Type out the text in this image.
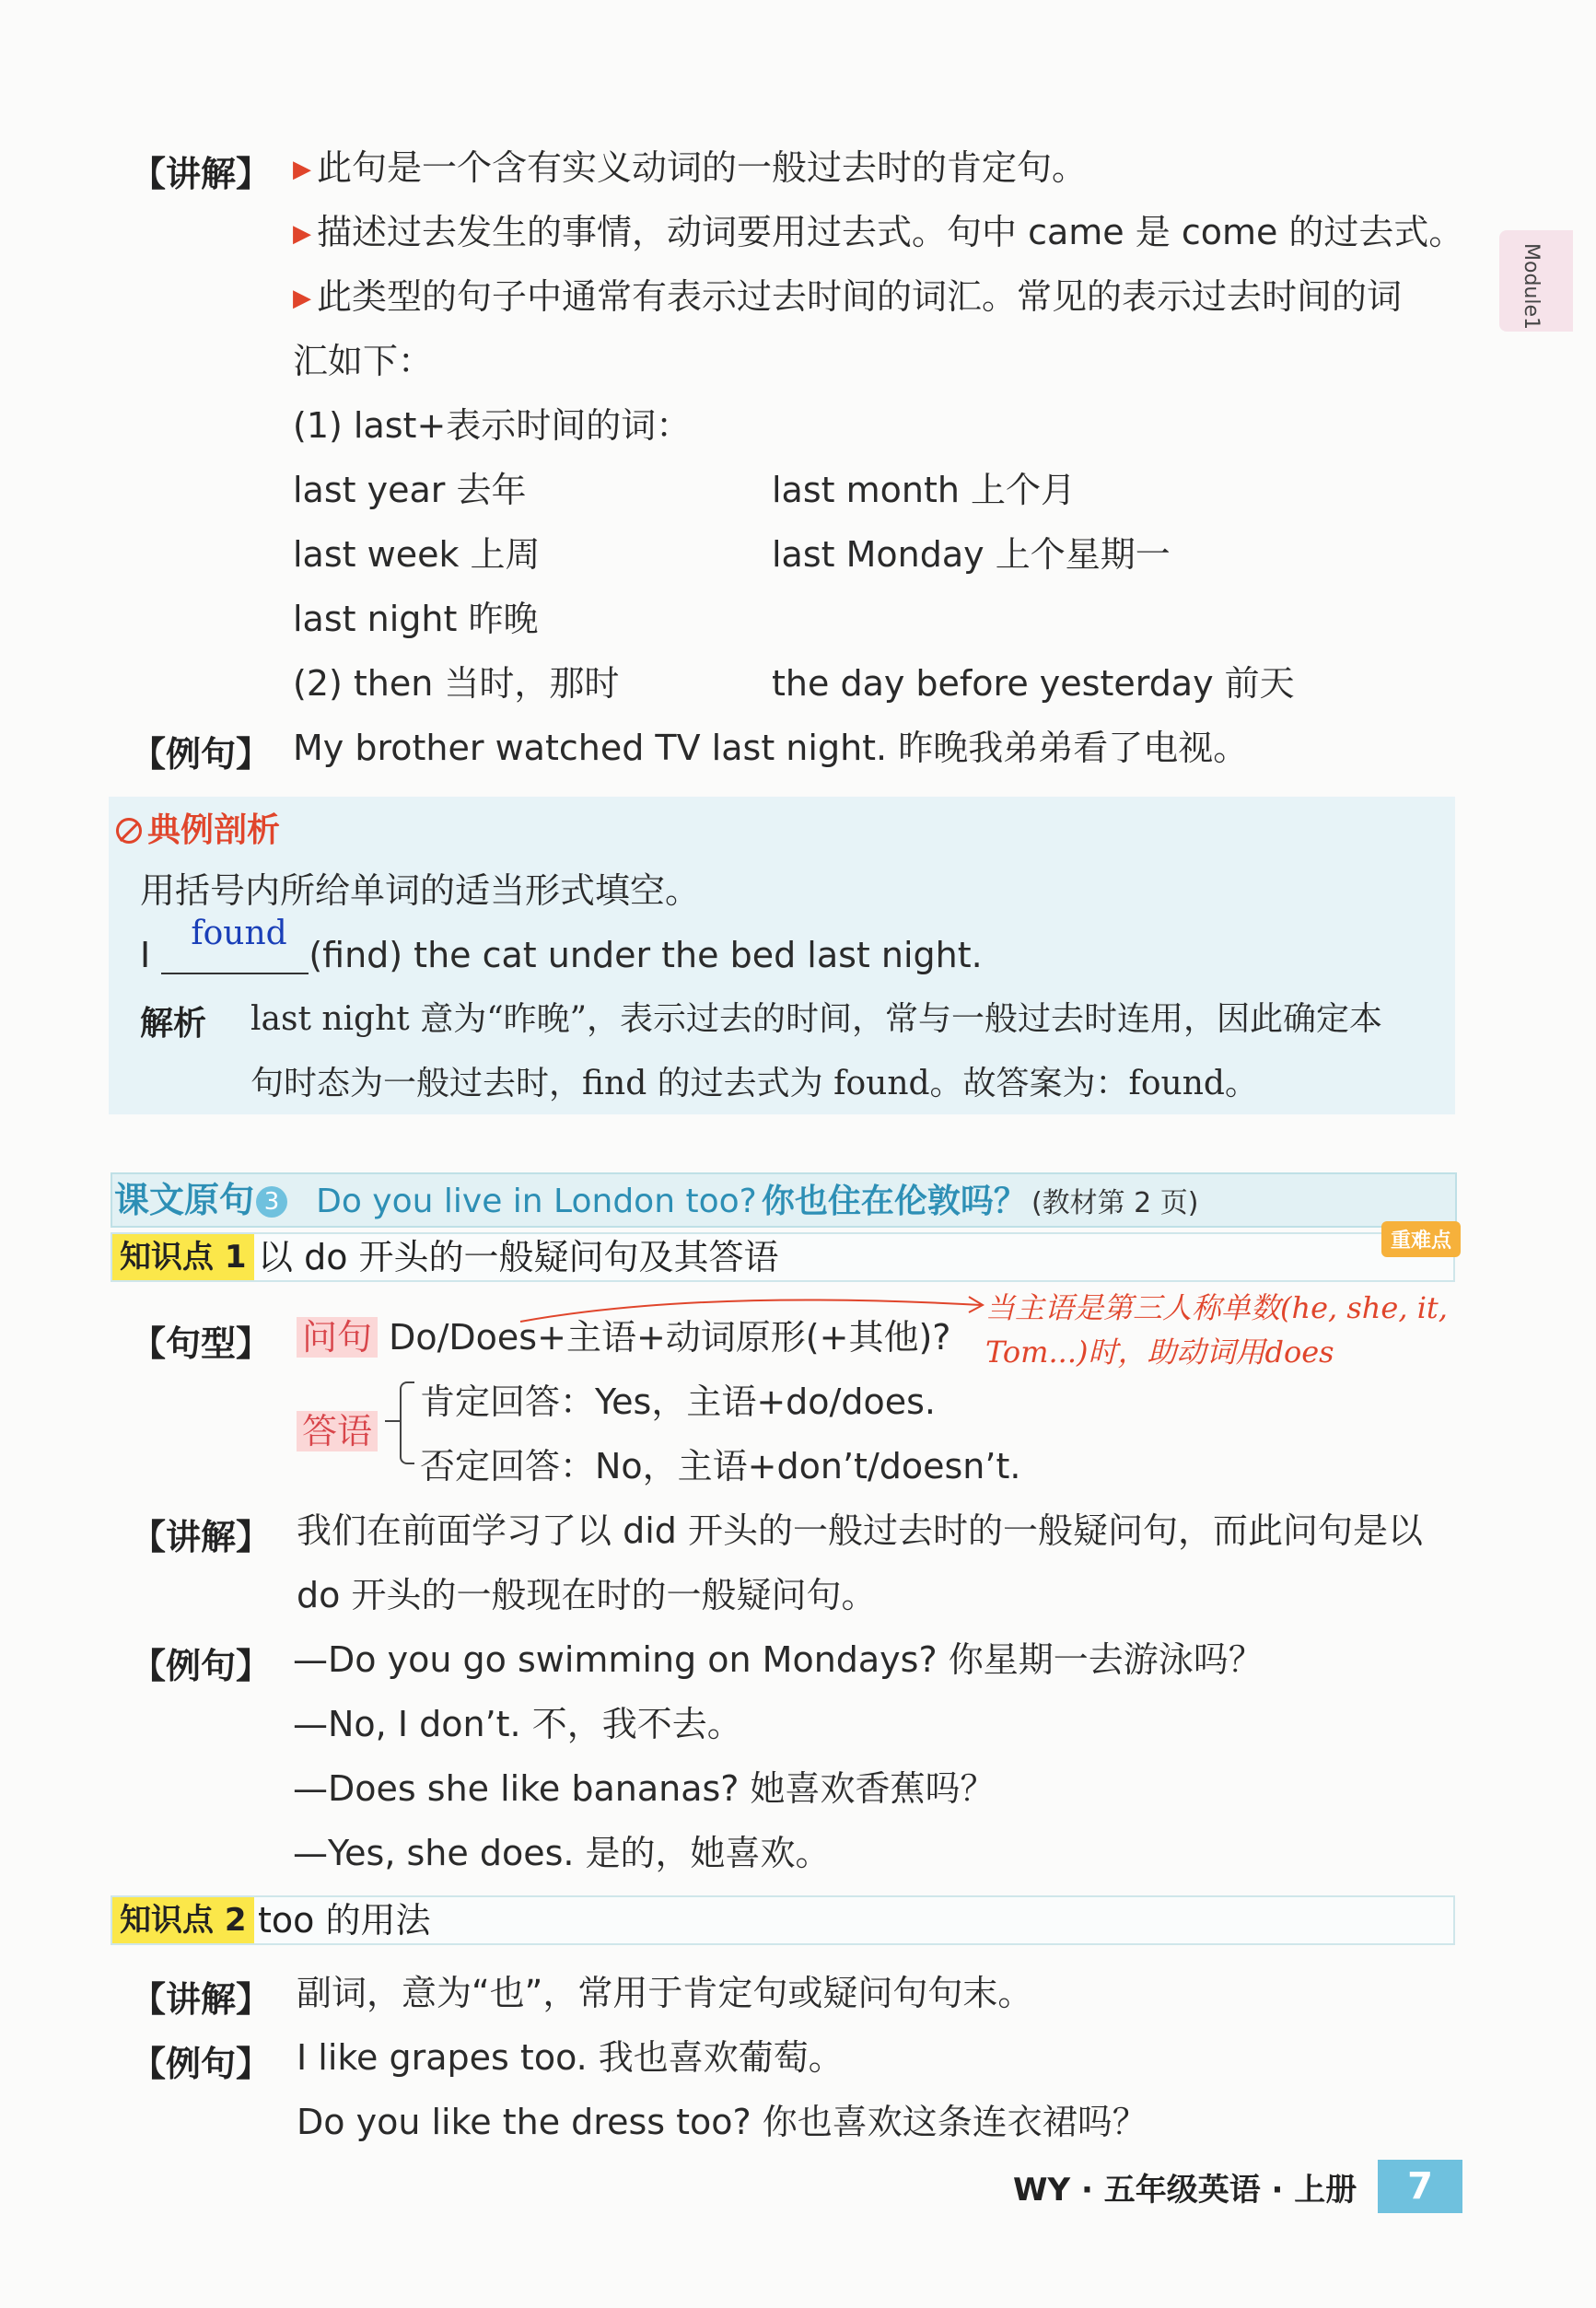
Module1
【讲解】 ▶ 此句是一个含有实义动词的一般过去时的肯定句。
▶ 描述过去发生的事情，动词要用过去式。句中 came 是 come 的过去式。
▶ 此类型的句子中通常有表示过去时间的词汇。常见的表示过去时间的词
汇如下：
(1) last+表示时间的词：
last year 去年	last month 上个月
last week 上周	last Monday 上个星期一
last night 昨晚
(2) then 当时，那时	the day before yesterday 前天
【例句】 My brother watched TV last night. 昨晚我弟弟看了电视。
典例剖析
用括号内所给单词的适当形式填空。
I
found
(find) the cat under the bed last night.
解析 last night 意为“昨晚”，表示过去的时间，常与一般过去时连用，因此确定本
句时态为一般过去时，find 的过去式为 found。故答案为：found。
课文原句 3 Do you live in London too? 你也住在伦敦吗？ (教材第 2 页)
知识点 1 以 do 开头的一般疑问句及其答语	重难点
【句型】 问句 Do/Does+主语+动词原形(+其他)?
当主语是第三人称单数(he, she, it,
Tom...)时，助动词用does
答语
肯定回答：Yes，主语+do/does.
否定回答：No，主语+don’t/doesn’t.
【讲解】 我们在前面学习了以 did 开头的一般过去时的一般疑问句，而此问句是以
do 开头的一般现在时的一般疑问句。
【例句】 —Do you go swimming on Mondays? 你星期一去游泳吗？
—No, I don’t. 不，我不去。
—Does she like bananas? 她喜欢香蕉吗？
—Yes, she does. 是的，她喜欢。
知识点 2 too 的用法
【讲解】 副词，意为“也”，常用于肯定句或疑问句句末。
【例句】 I like grapes too. 我也喜欢葡萄。
Do you like the dress too? 你也喜欢这条连衣裙吗？
WY · 五年级英语 · 上册	7
